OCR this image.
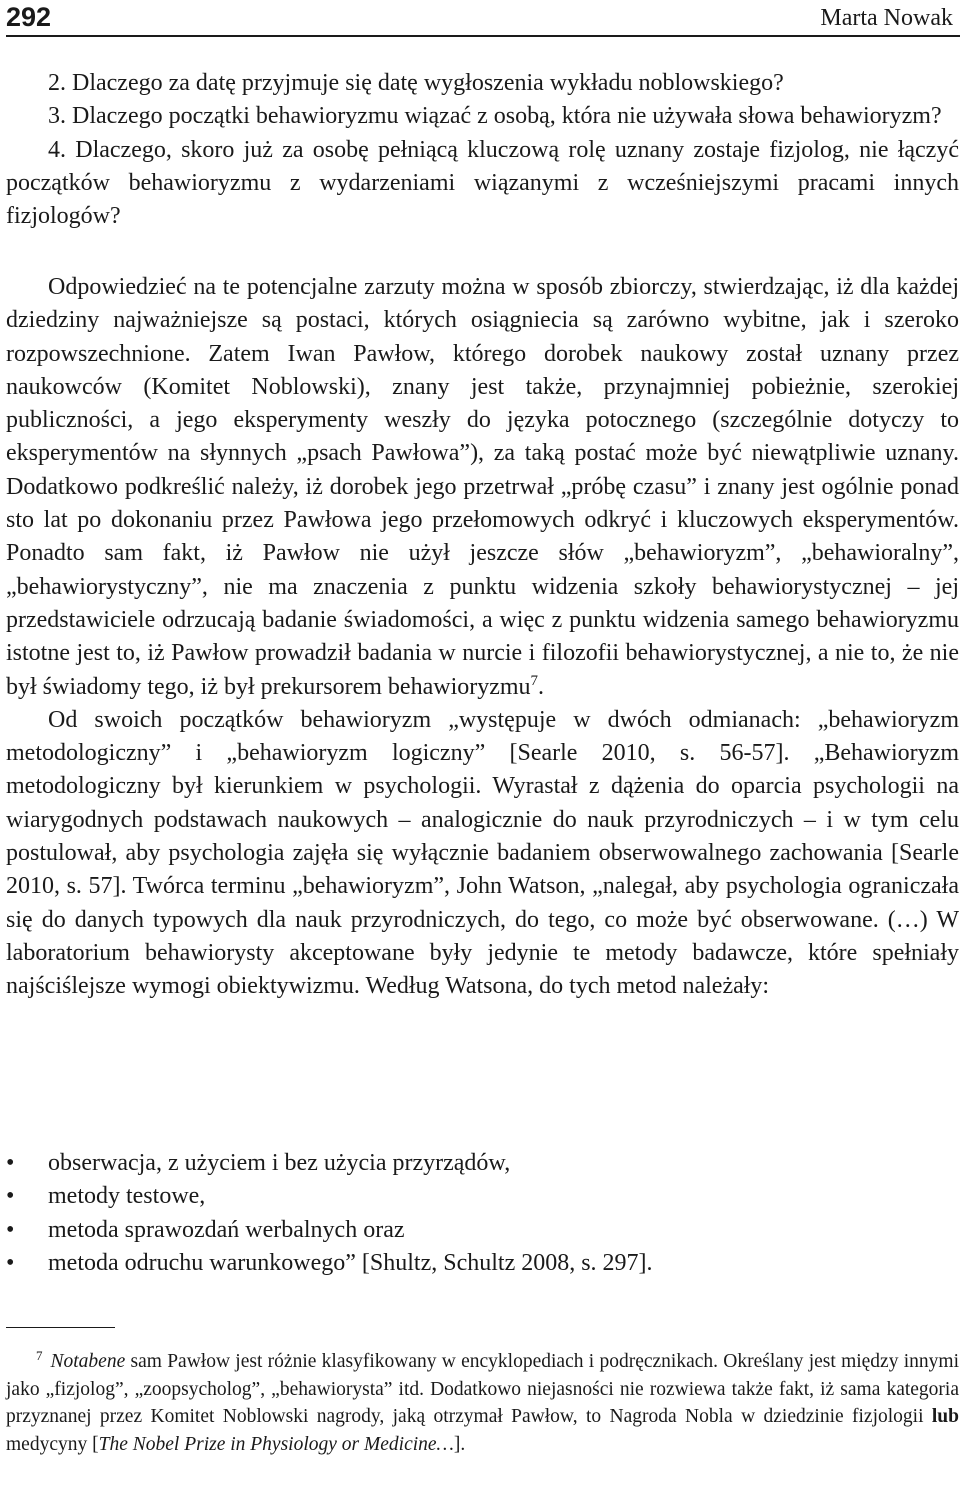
292	Marta Nowak

2. Dlaczego za datę przyjmuje się datę wygłoszenia wykładu noblowskiego?

3. Dlaczego początki behawioryzmu wiązać z osobą, która nie używała słowa behawioryzm?

4. Dlaczego, skoro już za osobę pełniącą kluczową rolę uznany zostaje fizjolog, nie łączyć początków behawioryzmu z wydarzeniami wiązanymi z wcześniejszymi pracami innych fizjologów?

Odpowiedzieć na te potencjalne zarzuty można w sposób zbiorczy, stwierdzając, iż dla każdej dziedziny najważniejsze są postaci, których osiągniecia są zarówno wybitne, jak i szeroko rozpowszechnione. Zatem Iwan Pawłow, którego dorobek naukowy został uznany przez naukowców (Komitet Noblowski), znany jest także, przynajmniej pobieżnie, szerokiej publiczności, a jego eksperymenty weszły do języka potocznego (szczególnie dotyczy to eksperymentów na słynnych „psach Pawłowa”), za taką postać może być niewątpliwie uznany. Dodatkowo podkreślić należy, iż dorobek jego przetrwał „próbę czasu” i znany jest ogólnie ponad sto lat po dokonaniu przez Pawłowa jego przełomowych odkryć i kluczowych eksperymentów. Ponadto sam fakt, iż Pawłow nie użył jeszcze słów „behawioryzm”, „behawioralny”, „behawiorystyczny”, nie ma znaczenia z punktu widzenia szkoły behawiorystycznej – jej przedstawiciele odrzucają badanie świadomości, a więc z punktu widzenia samego behawioryzmu istotne jest to, iż Pawłow prowadził badania w nurcie i filozofii behawiorystycznej, a nie to, że nie był świadomy tego, iż był prekursorem behawioryzmu$^7$.

Od swoich początków behawioryzm „występuje w dwóch odmianach: „behawioryzm metodologiczny” i „behawioryzm logiczny” [Searle 2010, s. 56-57]. „Behawioryzm metodologiczny był kierunkiem w psychologii. Wyrastał z dążenia do oparcia psychologii na wiarygodnych podstawach naukowych – analogicznie do nauk przyrodniczych – i w tym celu postulował, aby psychologia zajęła się wyłącznie badaniem obserwowalnego zachowania [Searle 2010, s. 57]. Twórca terminu „behawioryzm”, John Watson, „nalegał, aby psychologia ograniczała się do danych typowych dla nauk przyrodniczych, do tego, co może być obserwowane. (…) W laboratorium behawiorysty akceptowane były jedynie te metody badawcze, które spełniały najściślejsze wymogi obiektywizmu. Według Watsona, do tych metod należały:

• obserwacja, z użyciem i bez użycia przyrządów,
• metody testowe,
• metoda sprawozdań werbalnych oraz
• metoda odruchu warunkowego” [Shultz, Schultz 2008, s. 297].

$^7$ Notabene sam Pawłow jest różnie klasyfikowany w encyklopediach i podręcznikach. Określany jest między innymi jako „fizjolog”, „zoopsycholog”, „behawiorysta” itd. Dodatkowo niejasności nie rozwiewa także fakt, iż sama kategoria przyznanej przez Komitet Noblowski nagrody, jaką otrzymał Pawłow, to Nagroda Nobla w dziedzinie fizjologii lub medycyny [The Nobel Prize in Physiology or Medicine…].
